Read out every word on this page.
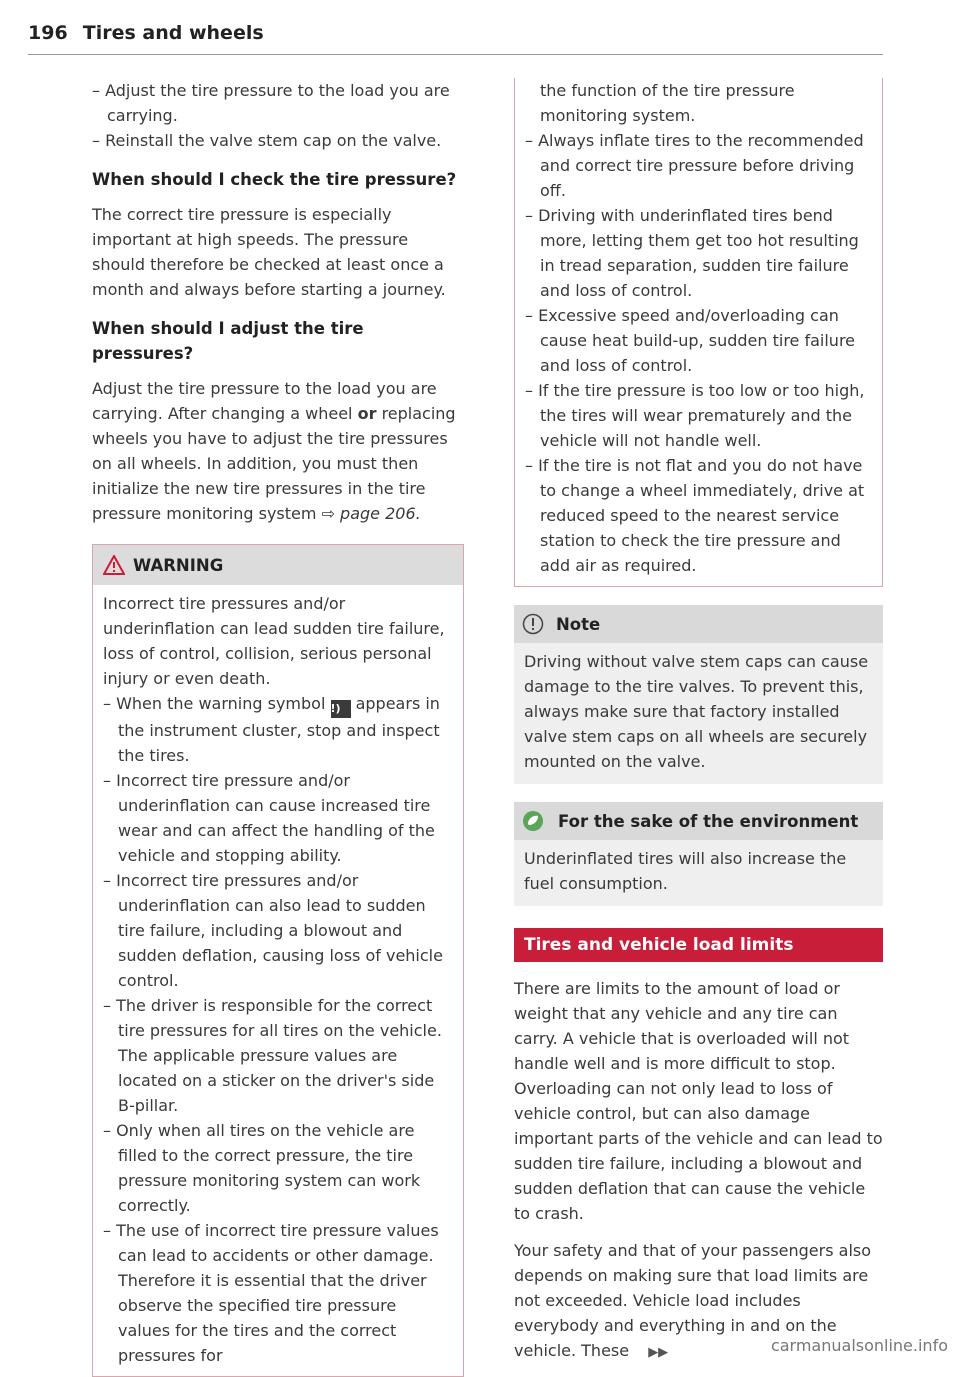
196 Tires and wheels

– Adjust the tire pressure to the load you are carrying.

– Reinstall the valve stem cap on the valve.

When should I check the tire pressure?

The correct tire pressure is especially important at high speeds. The pressure should therefore be checked at least once a month and always before starting a journey.

When should I adjust the tire pressures?

Adjust the tire pressure to the load you are carrying. After changing a wheel or replacing wheels you have to adjust the tire pressures on all wheels. In addition, you must then initialize the new tire pressures in the tire pressure monitoring system ⇨ page 206.

WARNING

Incorrect tire pressures and/or underinflation can lead sudden tire failure, loss of control, collision, serious personal injury or even death.

– When the warning symbol (!) appears in the instrument cluster, stop and inspect the tires.

– Incorrect tire pressure and/or underinflation can cause increased tire wear and can affect the handling of the vehicle and stopping ability.

– Incorrect tire pressures and/or underinflation can also lead to sudden tire failure, including a blowout and sudden deflation, causing loss of vehicle control.

– The driver is responsible for the correct tire pressures for all tires on the vehicle. The applicable pressure values are located on a sticker on the driver's side B-pillar.

– Only when all tires on the vehicle are filled to the correct pressure, the tire pressure monitoring system can work correctly.

– The use of incorrect tire pressure values can lead to accidents or other damage. Therefore it is essential that the driver observe the specified tire pressure values for the tires and the correct pressures for

the function of the tire pressure monitoring system.

– Always inflate tires to the recommended and correct tire pressure before driving off.

– Driving with underinflated tires bend more, letting them get too hot resulting in tread separation, sudden tire failure and loss of control.

– Excessive speed and/overloading can cause heat build-up, sudden tire failure and loss of control.

– If the tire pressure is too low or too high, the tires will wear prematurely and the vehicle will not handle well.

– If the tire is not flat and you do not have to change a wheel immediately, drive at reduced speed to the nearest service station to check the tire pressure and add air as required.

Note
Driving without valve stem caps can cause damage to the tire valves. To prevent this, always make sure that factory installed valve stem caps on all wheels are securely mounted on the valve.
For the sake of the environment
Underinflated tires will also increase the fuel consumption.
Tires and vehicle load limits

There are limits to the amount of load or weight that any vehicle and any tire can carry. A vehicle that is overloaded will not handle well and is more difficult to stop. Overloading can not only lead to loss of vehicle control, but can also damage important parts of the vehicle and can lead to sudden tire failure, including a blowout and sudden deflation that can cause the vehicle to crash.

Your safety and that of your passengers also depends on making sure that load limits are not exceeded. Vehicle load includes everybody and everything in and on the vehicle. These ▶▶	carmanualsonline.info
